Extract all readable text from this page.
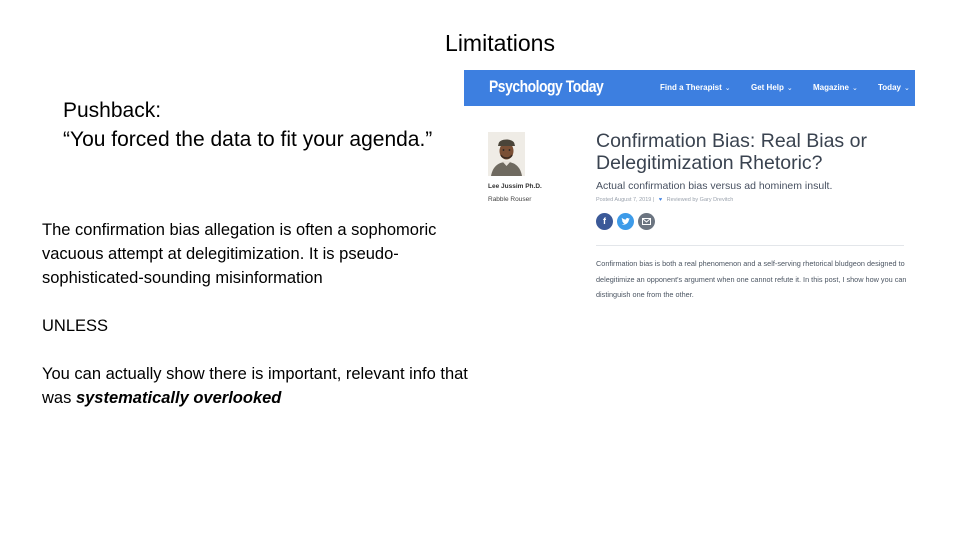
Limitations
Pushback:
“You forced the data to fit your agenda.”

The confirmation bias allegation is often a sophomoric vacuous attempt at delegitimization. It is pseudo-sophisticated-sounding misinformation

UNLESS

You can actually show there is important, relevant info that was systematically overlooked

Psychology Today	Find a Therapist ⌄	Get Help ⌄	Magazine ⌄	Today ⌄
Lee Jussim Ph.D.
Rabble Rouser
Confirmation Bias: Real Bias or Delegitimization Rhetoric?
Actual confirmation bias versus ad hominem insult.
Posted August 7, 2019 | ♥ Reviewed by Gary Drevitch
f
Confirmation bias is both a real phenomenon and a self-serving rhetorical bludgeon designed to delegitimize an opponent's argument when one cannot refute it. In this post, I show how you can distinguish one from the other.
